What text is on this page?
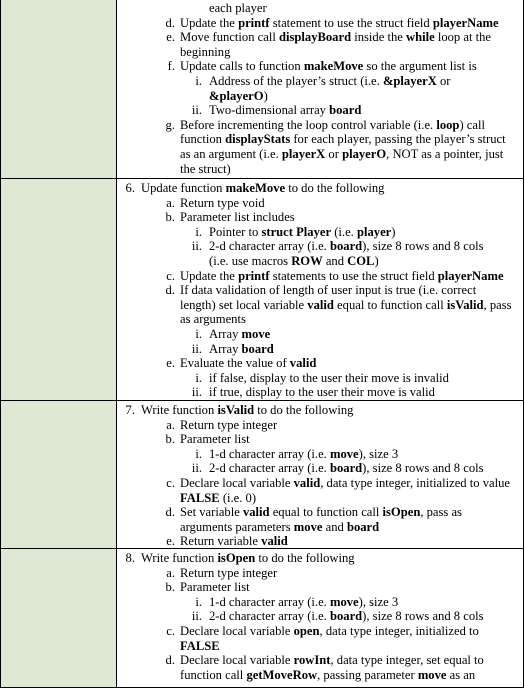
each player
d. Update the printf statement to use the struct field playerName
e. Move function call displayBoard inside the while loop at the
beginning
f. Update calls to function makeMove so the argument list is
i. Address of the player’s struct (i.e. &playerX or
&playerO)
ii. Two-dimensional array board
g. Before incrementing the loop control variable (i.e. loop) call
function displayStats for each player, passing the player’s struct
as an argument (i.e. playerX or playerO, NOT as a pointer, just
the struct)
6. Update function makeMove to do the following
a. Return type void
b. Parameter list includes
i. Pointer to struct Player (i.e. player)
ii. 2-d character array (i.e. board), size 8 rows and 8 cols
(i.e. use macros ROW and COL)
c. Update the printf statements to use the struct field playerName
d. If data validation of length of user input is true (i.e. correct
length) set local variable valid equal to function call isValid, pass
as arguments
i. Array move
ii. Array board
e. Evaluate the value of valid
i. if false, display to the user their move is invalid
ii. if true, display to the user their move is valid
7. Write function isValid to do the following
a. Return type integer
b. Parameter list
i. 1-d character array (i.e. move), size 3
ii. 2-d character array (i.e. board), size 8 rows and 8 cols
c. Declare local variable valid, data type integer, initialized to value
FALSE (i.e. 0)
d. Set variable valid equal to function call isOpen, pass as
arguments parameters move and board
e. Return variable valid
8. Write function isOpen to do the following
a. Return type integer
b. Parameter list
i. 1-d character array (i.e. move), size 3
ii. 2-d character array (i.e. board), size 8 rows and 8 cols
c. Declare local variable open, data type integer, initialized to
FALSE
d. Declare local variable rowInt, data type integer, set equal to
function call getMoveRow, passing parameter move as an
